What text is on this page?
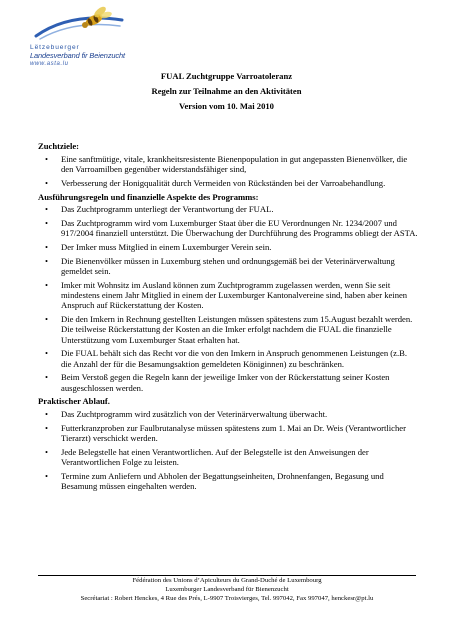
Lëtzebuerger
Landesverband fir Beienzucht
www.asta.lu
FUAL Zuchtgruppe Varroatoleranz
Regeln zur Teilnahme an den Aktivitäten
Version vom 10. Mai 2010
Zuchtziele:
• Eine sanftmütige, vitale, krankheitsresistente Bienenpopulation in gut angepassten Bienenvölker, die den Varroamilben gegenüber widerstandsfähiger sind,
• Verbesserung der Honigqualität durch Vermeiden von Rückständen bei der Varroabehandlung.
Ausführungsregeln und finanzielle Aspekte des Programms:
• Das Zuchtprogramm unterliegt der Verantwortung der FUAL.
• Das Zuchtprogramm wird vom Luxemburger Staat über die EU Verordnungen Nr. 1234/2007 und 917/2004 finanziell unterstützt. Die Überwachung der Durchführung des Programms obliegt der ASTA.
• Der Imker muss Mitglied in einem Luxemburger Verein sein.
• Die Bienenvölker müssen in Luxemburg stehen und ordnungsgemäß bei der Veterinärverwaltung gemeldet sein.
• Imker mit Wohnsitz im Ausland können zum Zuchtprogramm zugelassen werden, wenn Sie seit mindestens einem Jahr Mitglied in einem der Luxemburger Kantonalvereine sind, haben aber keinen Anspruch auf Rückerstattung der Kosten.
• Die den Imkern in Rechnung gestellten Leistungen müssen spätestens zum 15.August bezahlt werden. Die teilweise Rückerstattung der Kosten an die Imker erfolgt nachdem die FUAL die finanzielle Unterstützung vom Luxemburger Staat erhalten hat.
• Die FUAL behält sich das Recht vor die von den Imkern in Anspruch genommenen Leistungen (z.B. die Anzahl der für die Besamungsaktion gemeldeten Königinnen) zu beschränken.
• Beim Verstoß gegen die Regeln kann der jeweilige Imker von der Rückerstattung seiner Kosten ausgeschlossen werden.
Praktischer Ablauf.
• Das Zuchtprogramm wird zusätzlich von der Veterinärverwaltung überwacht.
• Futterkranzproben zur Faulbrutanalyse müssen spätestens zum 1. Mai an Dr. Weis (Verantwortlicher Tierarzt) verschickt werden.
• Jede Belegstelle hat einen Verantwortlichen. Auf der Belegstelle ist den Anweisungen der Verantwortlichen Folge zu leisten.
• Termine zum Anliefern und Abholen der Begattungseinheiten, Drohnenfangen, Begasung und Besamung müssen eingehalten werden.
Fédération des Unions d’Apiculteurs du Grand-Duché de Luxembourg
Luxemburger Landesverband für Bienenzucht
Secrétariat : Robert Henckes, 4 Rue des Prés, L-9907 Troisvierges, Tel. 997042, Fax 997047, henckesr@pt.lu
